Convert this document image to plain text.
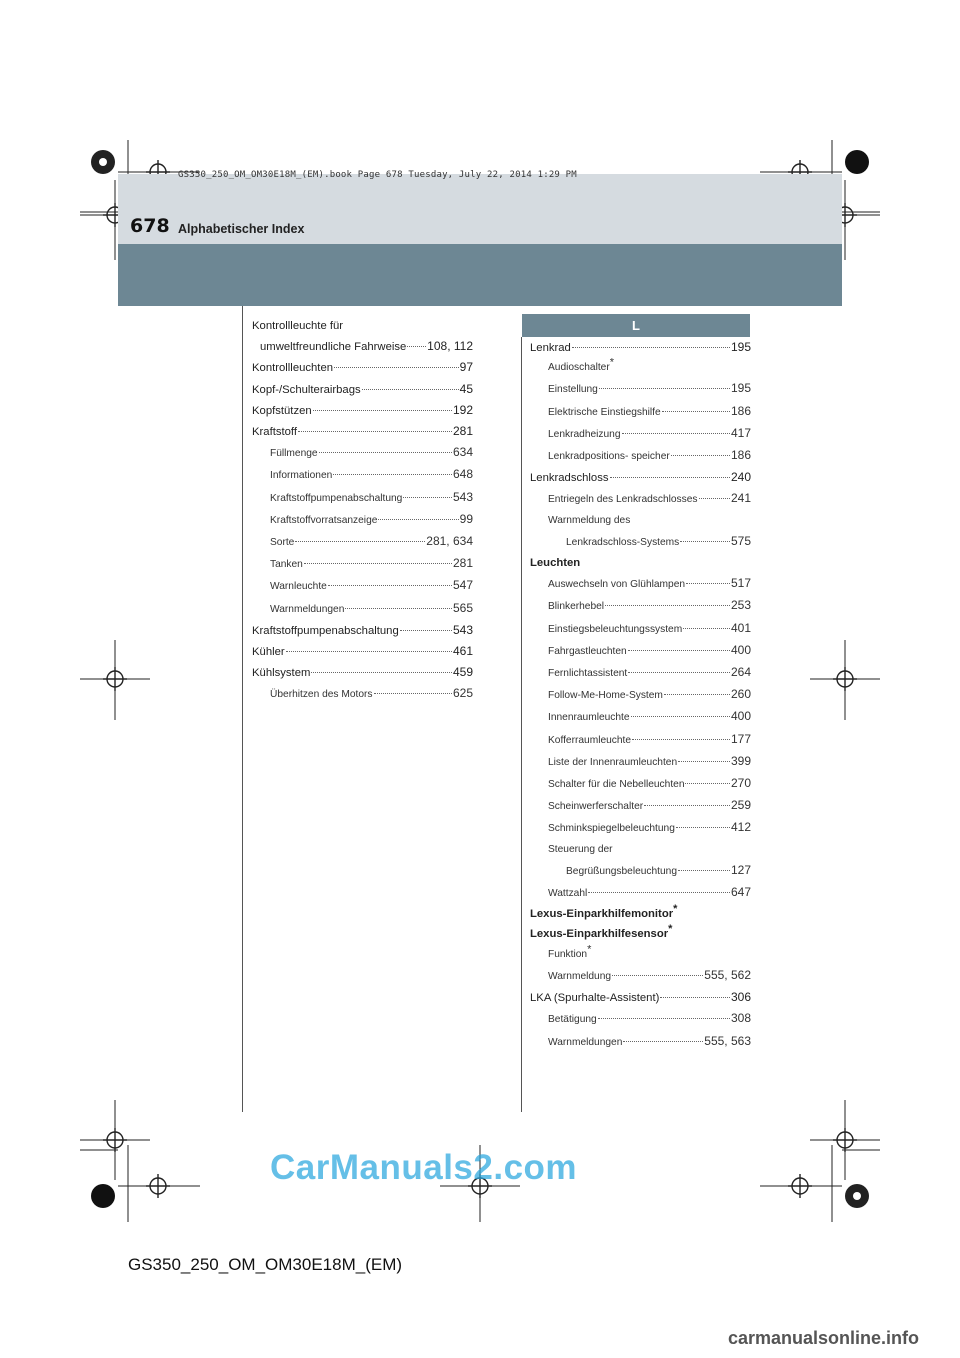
GS350_250_OM_OM30E18M_(EM).book Page 678 Tuesday, July 22, 2014 1:29 PM
678 Alphabetischer Index
Kontrollleuchte für
umweltfreundliche Fahrweise 108, 112
Kontrollleuchten	97
Kopf-/Schulterairbags	45
Kopfstützen	192
Kraftstoff	281
Füllmenge	634
Informationen	648
Kraftstoffpumpenabschaltung	543
Kraftstoffvorratsanzeige	99
Sorte	281, 634
Tanken	281
Warnleuchte	547
Warnmeldungen	565
Kraftstoffpumpenabschaltung	543
Kühler	461
Kühlsystem	459
Überhitzen des Motors	625
L
Lenkrad	195
Audioschalter*
Einstellung	195
Elektrische Einstiegshilfe	186
Lenkradheizung	417
Lenkradpositions- speicher	186
Lenkradschloss	240
Entriegeln des Lenkradschlosses	241
Warnmeldung des
Lenkradschloss-Systems	575
Leuchten
Auswechseln von Glühlampen	517
Blinkerhebel	253
Einstiegsbeleuchtungssystem	401
Fahrgastleuchten	400
Fernlichtassistent	264
Follow-Me-Home-System	260
Innenraumleuchte	400
Kofferraumleuchte	177
Liste der Innenraumleuchten	399
Schalter für die Nebelleuchten	270
Scheinwerferschalter	259
Schminkspiegelbeleuchtung	412
Steuerung der
Begrüßungsbeleuchtung	127
Wattzahl	647
Lexus-Einparkhilfemonitor*
Lexus-Einparkhilfesensor*
Funktion*
Warnmeldung	555, 562
LKA (Spurhalte-Assistent)	306
Betätigung	308
Warnmeldungen	555, 563
CarManuals2.com
GS350_250_OM_OM30E18M_(EM)
carmanualsonline.info
